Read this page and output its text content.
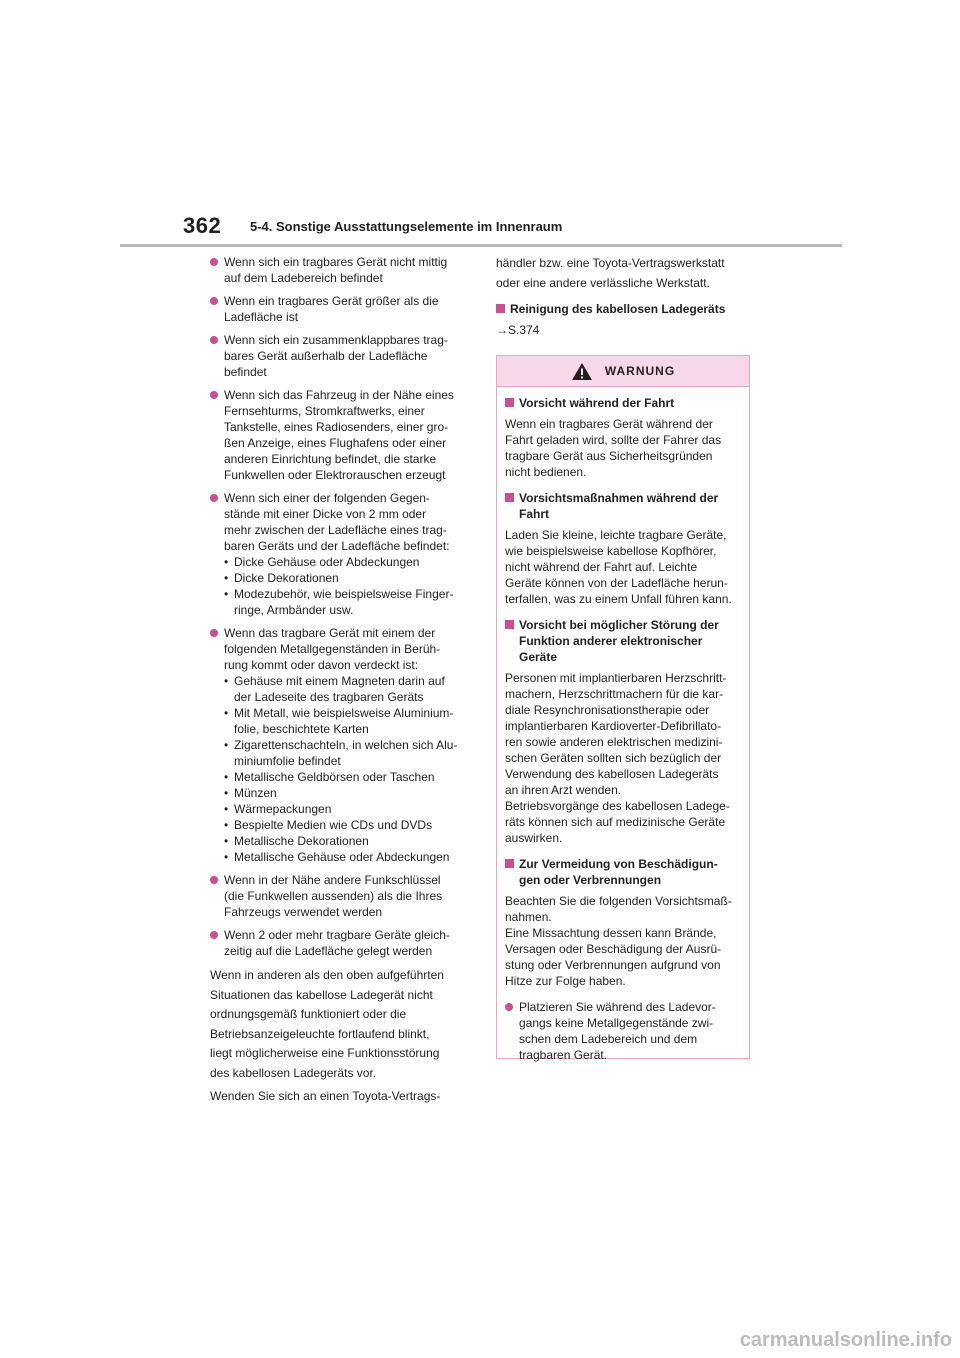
362 5-4. Sonstige Ausstattungselemente im Innenraum
Wenn sich ein tragbares Gerät nicht mittig
auf dem Ladebereich befindet
Wenn ein tragbares Gerät größer als die
Ladefläche ist
Wenn sich ein zusammenklappbares trag-
bares Gerät außerhalb der Ladefläche
befindet
Wenn sich das Fahrzeug in der Nähe eines
Fernsehturms, Stromkraftwerks, einer
Tankstelle, eines Radiosenders, einer gro-
ßen Anzeige, eines Flughafens oder einer
anderen Einrichtung befindet, die starke
Funkwellen oder Elektrorauschen erzeugt
Wenn sich einer der folgenden Gegen-
stände mit einer Dicke von 2 mm oder
mehr zwischen der Ladefläche eines trag-
baren Geräts und der Ladefläche befindet:
• Dicke Gehäuse oder Abdeckungen
• Dicke Dekorationen
• Modezubehör, wie beispielsweise Finger-
ringe, Armbänder usw.
Wenn das tragbare Gerät mit einem der
folgenden Metallgegenständen in Berüh-
rung kommt oder davon verdeckt ist:
• Gehäuse mit einem Magneten darin auf
der Ladeseite des tragbaren Geräts
• Mit Metall, wie beispielsweise Aluminium-
folie, beschichtete Karten
• Zigarettenschachteln, in welchen sich Alu-
miniumfolie befindet
• Metallische Geldbörsen oder Taschen
• Münzen
• Wärmepackungen
• Bespielte Medien wie CDs und DVDs
• Metallische Dekorationen
• Metallische Gehäuse oder Abdeckungen
Wenn in der Nähe andere Funkschlüssel
(die Funkwellen aussenden) als die Ihres
Fahrzeugs verwendet werden
Wenn 2 oder mehr tragbare Geräte gleich-
zeitig auf die Ladefläche gelegt werden
Wenn in anderen als den oben aufgeführten
Situationen das kabellose Ladegerät nicht
ordnungsgemäß funktioniert oder die
Betriebsanzeigeleuchte fortlaufend blinkt,
liegt möglicherweise eine Funktionsstörung
des kabellosen Ladegeräts vor.
Wenden Sie sich an einen Toyota-Vertrags-
händler bzw. eine Toyota-Vertragswerkstatt
oder eine andere verlässliche Werkstatt.
Reinigung des kabellosen Ladegeräts
→S.374
WARNUNG
Vorsicht während der Fahrt
Wenn ein tragbares Gerät während der
Fahrt geladen wird, sollte der Fahrer das
tragbare Gerät aus Sicherheitsgründen
nicht bedienen.
Vorsichtsmaßnahmen während der
Fahrt
Laden Sie kleine, leichte tragbare Geräte,
wie beispielsweise kabellose Kopfhörer,
nicht während der Fahrt auf. Leichte
Geräte können von der Ladefläche herun-
terfallen, was zu einem Unfall führen kann.
Vorsicht bei möglicher Störung der
Funktion anderer elektronischer
Geräte
Personen mit implantierbaren Herzschritt-
machern, Herzschrittmachern für die kar-
diale Resynchronisationstherapie oder
implantierbaren Kardioverter-Defibrillato-
ren sowie anderen elektrischen medizini-
schen Geräten sollten sich bezüglich der
Verwendung des kabellosen Ladegeräts
an ihren Arzt wenden.
Betriebsvorgänge des kabellosen Ladege-
räts können sich auf medizinische Geräte
auswirken.
Zur Vermeidung von Beschädigun-
gen oder Verbrennungen
Beachten Sie die folgenden Vorsichtsmaß-
nahmen.
Eine Missachtung dessen kann Brände,
Versagen oder Beschädigung der Ausrü-
stung oder Verbrennungen aufgrund von
Hitze zur Folge haben.
Platzieren Sie während des Ladevor-
gangs keine Metallgegenstände zwi-
schen dem Ladebereich und dem
tragbaren Gerät.
carmanualsonline.info
